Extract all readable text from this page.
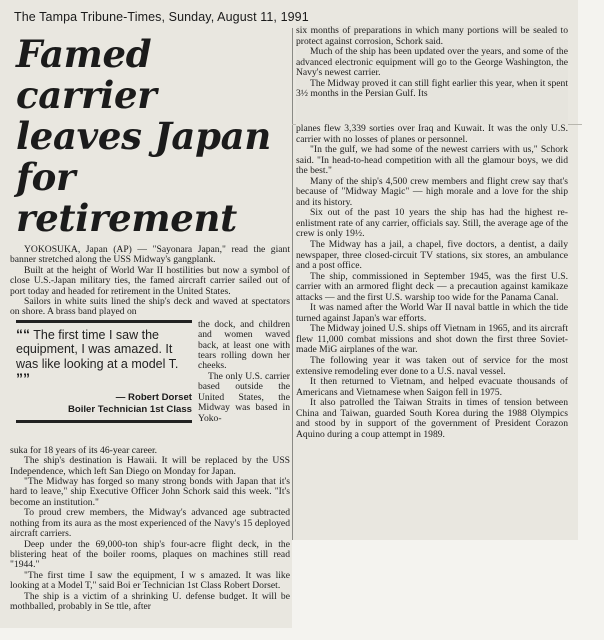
The Tampa Tribune-Times, Sunday, August 11, 1991
Famed carrier
leaves Japan
for retirement

YOKOSUKA, Japan (AP) — "Sayonara Japan," read the giant banner stretched along the USS Midway's gangplank.

Built at the height of World War II hostilities but now a symbol of close U.S.-Japan military ties, the famed aircraft carrier sailed out of port today and headed for retirement in the United States.

Sailors in white suits lined the ship's deck and waved at spectators on shore. A brass band played on

““ The first time I saw the equipment, I was amazed. It was like looking at a model T. ””
— Robert Dorset
Boiler Technician 1st Class

the dock, and children and women waved back, at least one with tears rolling down her cheeks.

The only U.S. carrier based outside the United States, the Midway was based in Yoko-

suka for 18 years of its 46-year career.

The ship's destination is Hawaii. It will be replaced by the USS Independence, which left San Diego on Monday for Japan.

"The Midway has forged so many strong bonds with Japan that it's hard to leave," ship Executive Officer John Schork said this week. "It's become an institution."

To proud crew members, the Midway's advanced age subtracted nothing from its aura as the most experienced of the Navy's 15 deployed aircraft carriers.

Deep under the 69,000-ton ship's four-acre flight deck, in the blistering heat of the boiler rooms, plaques on machines still read "1944."

"The first time I saw the equipment, I w s amazed. It was like looking at a Model T," said Boi er Technician 1st Class Robert Dorset.

The ship is a victim of a shrinking U. defense budget. It will be mothballed, probably in Se ttle, after

six months of preparations in which many portions will be sealed to protect against corrosion, Schork said.

Much of the ship has been updated over the years, and some of the advanced electronic equipment will go to the George Washington, the Navy's newest carrier.

The Midway proved it can still fight earlier this year, when it spent 3½ months in the Persian Gulf. Its

planes flew 3,339 sorties over Iraq and Kuwait. It was the only U.S. carrier with no losses of planes or personnel.

"In the gulf, we had some of the newest carriers with us," Schork said. "In head-to-head competition with all the glamour boys, we did the best."

Many of the ship's 4,500 crew members and flight crew say that's because of "Midway Magic" — high morale and a love for the ship and its history.

Six out of the past 10 years the ship has had the highest re-enlistment rate of any carrier, officials say. Still, the average age of the crew is only 19½.

The Midway has a jail, a chapel, five doctors, a dentist, a daily newspaper, three closed-circuit TV stations, six stores, an ambulance and a post office.

The ship, commissioned in September 1945, was the first U.S. carrier with an armored flight deck — a precaution against kamikaze attacks — and the first U.S. warship too wide for the Panama Canal.

It was named after the World War II naval battle in which the tide turned against Japan's war efforts.

The Midway joined U.S. ships off Vietnam in 1965, and its aircraft flew 11,000 combat missions and shot down the first three Soviet-made MiG airplanes of the war.

The following year it was taken out of service for the most extensive remodeling ever done to a U.S. naval vessel.

It then returned to Vietnam, and helped evacuate thousands of Americans and Vietnamese when Saigon fell in 1975.

It also patrolled the Taiwan Straits in times of tension between China and Taiwan, guarded South Korea during the 1988 Olympics and stood by in support of the government of President Corazon Aquino during a coup attempt in 1989.
